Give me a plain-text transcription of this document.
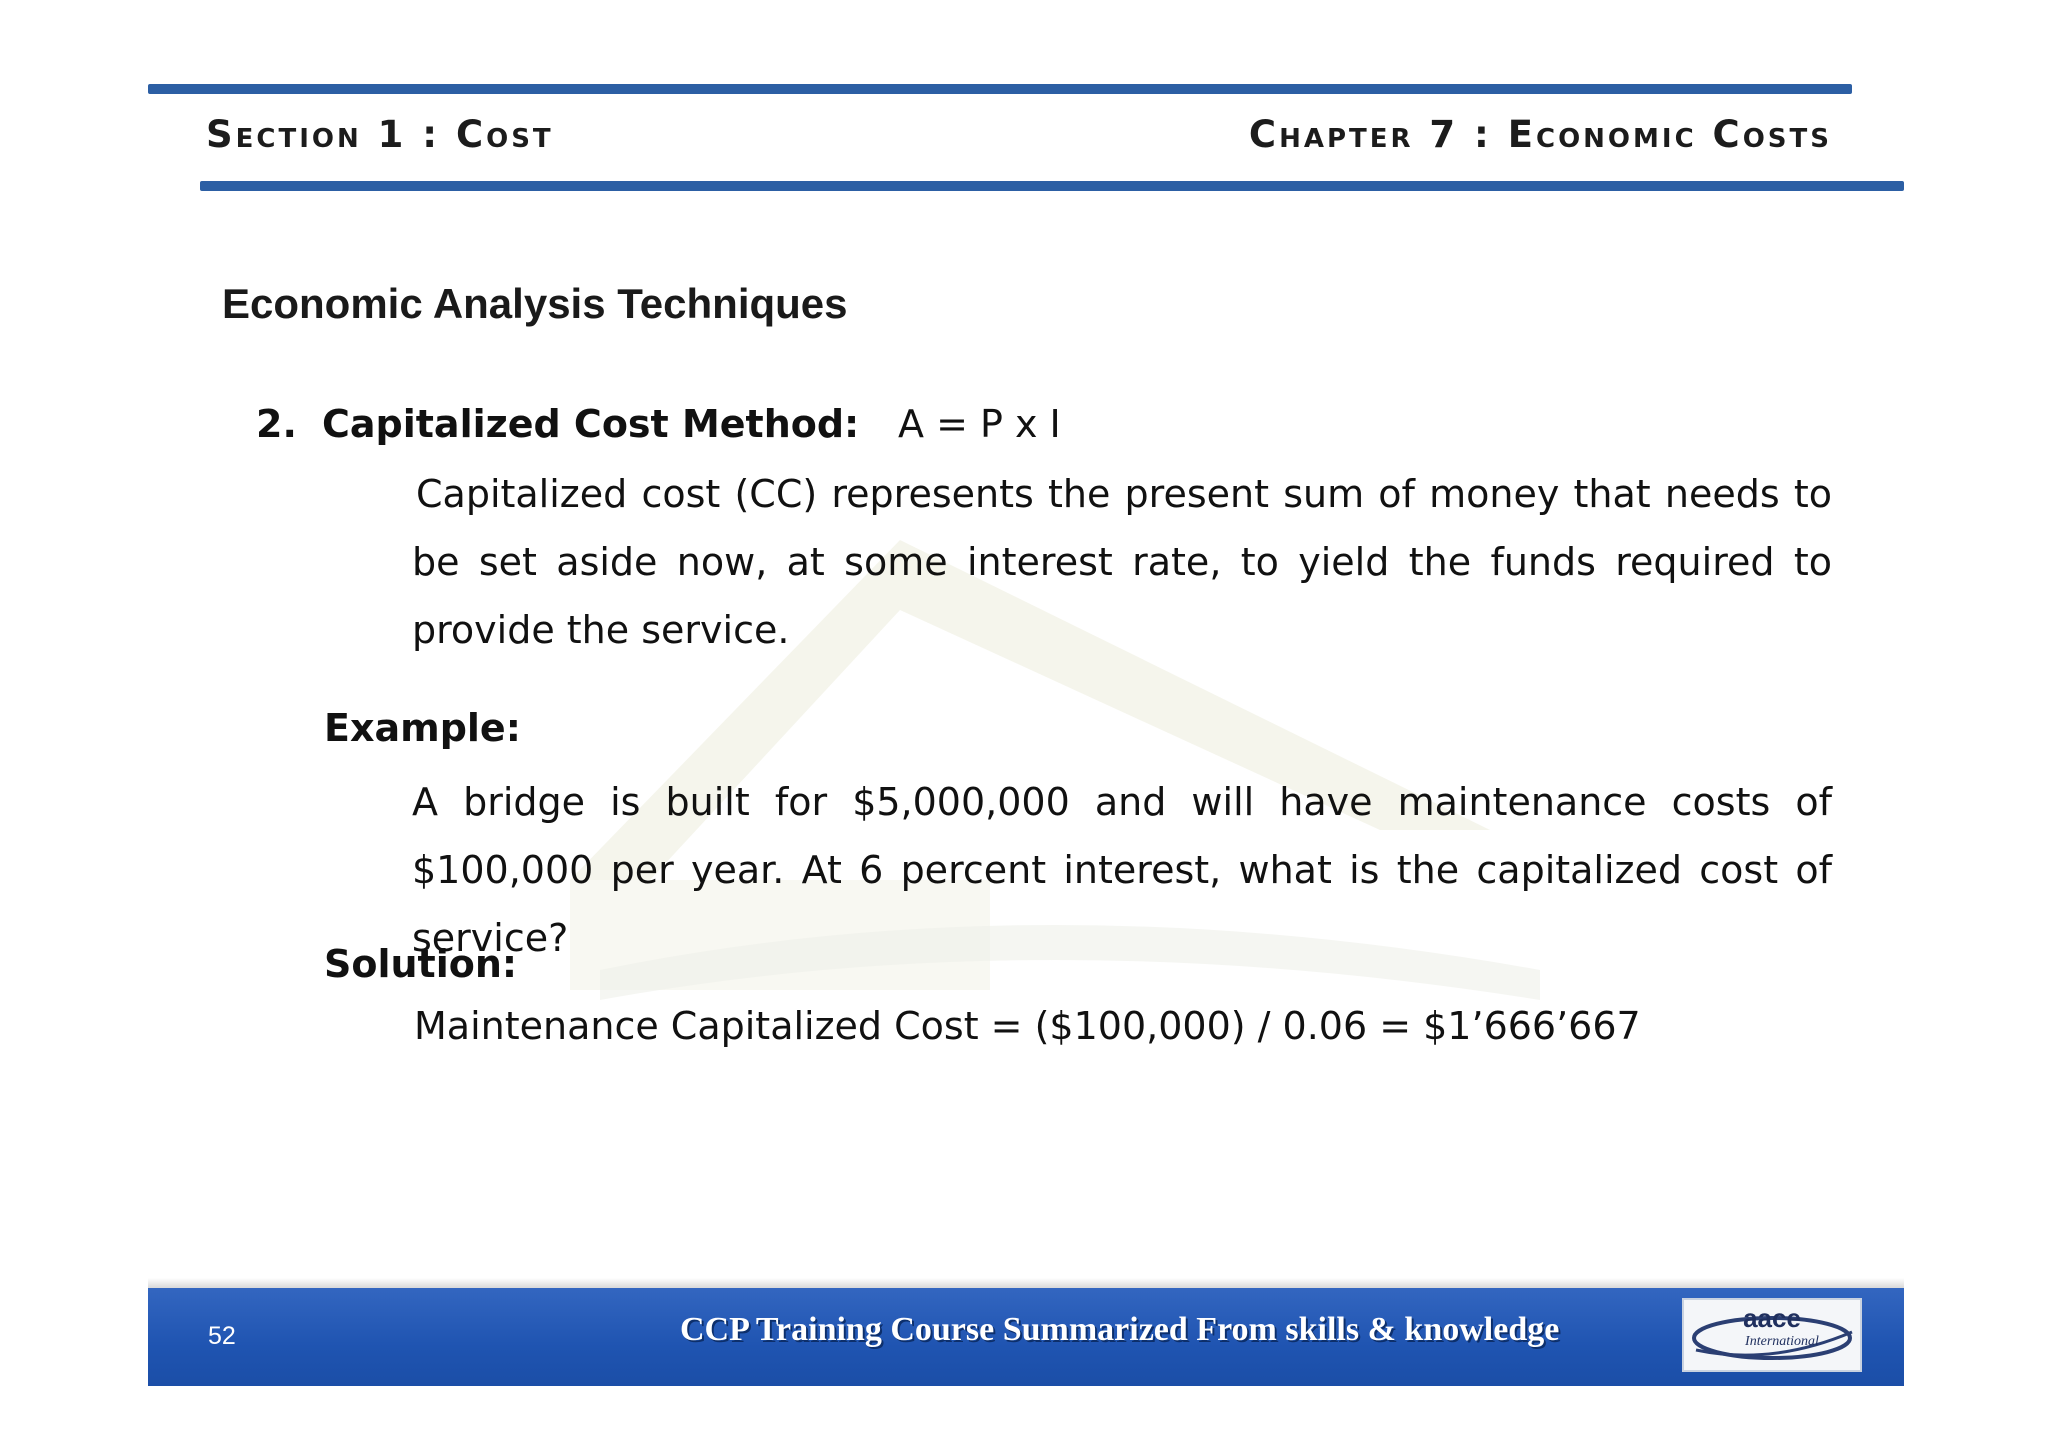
Section 1 : Cost	Chapter 7 : Economic Costs
Economic Analysis Techniques
2. Capitalized Cost Method: A = P x I
Capitalized cost (CC) represents the present sum of money that needs to be set aside now, at some interest rate, to yield the funds required to provide the service.
Example:
A bridge is built for $5,000,000 and will have maintenance costs of $100,000 per year. At 6 percent interest, what is the capitalized cost of service?
Solution:
Maintenance Capitalized Cost = ($100,000) / 0.06 = $1’666’667
52	CCP Training Course Summarized From skills & knowledge	aace
International
